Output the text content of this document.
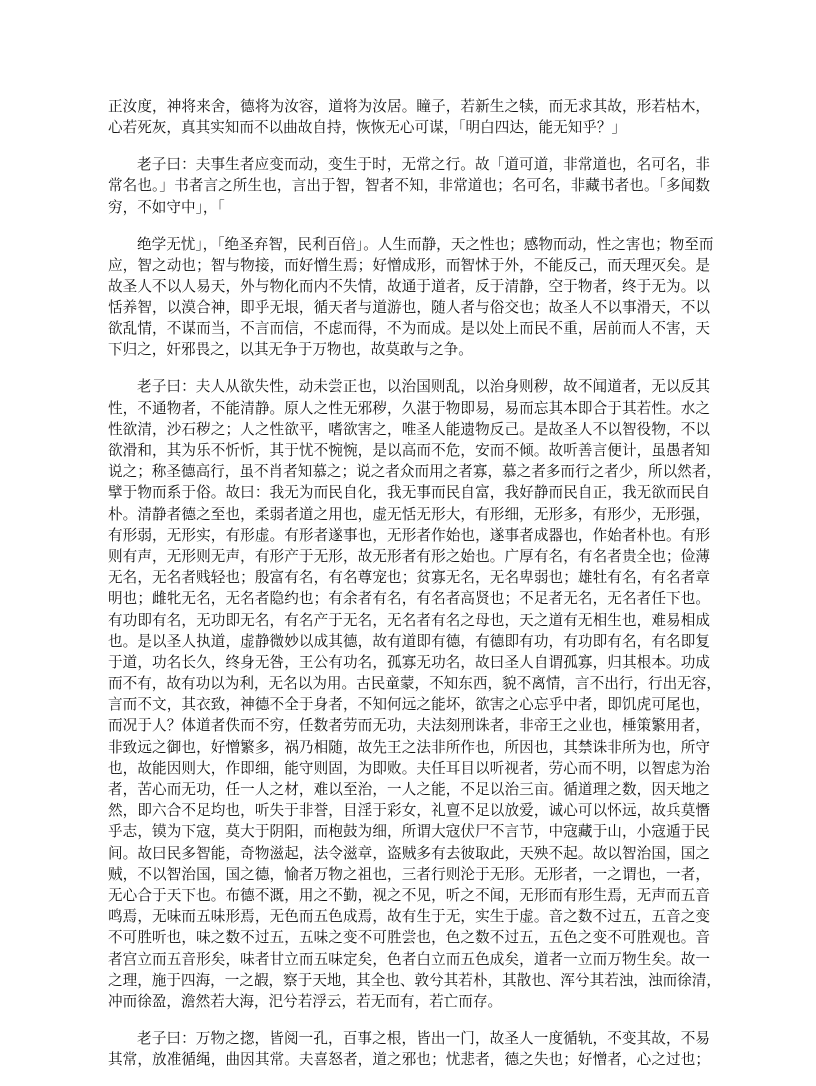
正汝度，神将来舍，德将为汝容，道将为汝居。瞳子，若新生之犊，而无求其故，形若枯木，
心若死灰，真其实知而不以曲故自持，恢恢无心可谋，「明白四达，能无知乎？」
老子曰：夫事生者应变而动，变生于时，无常之行。故「道可道，非常道也，名可名，非
常名也。」书者言之所生也，言出于智，智者不知，非常道也；名可名，非藏书者也。「多闻数
穷，不如守中」，「
绝学无忧」，「绝圣弃智，民利百倍」。人生而静，天之性也；感物而动，性之害也；物至而
应，智之动也；智与物接，而好憎生焉；好憎成形，而智怵于外，不能反己，而天理灭矣。是
故圣人不以人易天，外与物化而内不失情，故通于道者，反于清静，空于物者，终于无为。以
恬养智，以漠合神，即乎无垠，循天者与道游也，随人者与俗交也；故圣人不以事滑天，不以
欲乱情，不谋而当，不言而信，不虑而得，不为而成。是以处上而民不重，居前而人不害，天
下归之，奸邪畏之，以其无争于万物也，故莫敢与之争。
老子曰：夫人从欲失性，动未尝正也，以治国则乱，以治身则秽，故不闻道者，无以反其
性，不通物者，不能清静。原人之性无邪秽，久湛于物即易，易而忘其本即合于其若性。水之
性欲清，沙石秽之；人之性欲平，嗜欲害之，唯圣人能遗物反己。是故圣人不以智役物，不以
欲滑和，其为乐不忻忻，其于忧不惋惋，是以高而不危，安而不倾。故听善言便计，虽愚者知
说之；称圣德高行，虽不肖者知慕之；说之者众而用之者寡，慕之者多而行之者少，所以然者，
擘于物而系于俗。故曰：我无为而民自化，我无事而民自富，我好静而民自正，我无欲而民自
朴。清静者德之至也，柔弱者道之用也，虚无恬无形大，有形细，无形多，有形少，无形强，
有形弱，无形实，有形虚。有形者遂事也，无形者作始也，遂事者成器也，作始者朴也。有形
则有声，无形则无声，有形产于无形，故无形者有形之始也。广厚有名，有名者贵全也；俭薄
无名，无名者贱轻也；殷富有名，有名尊宠也；贫寡无名，无名卑弱也；雄牡有名，有名者章
明也；雌牝无名，无名者隐约也；有余者有名，有名者高贤也；不足者无名，无名者任下也。
有功即有名，无功即无名，有名产于无名，无名者有名之母也，天之道有无相生也，难易相成
也。是以圣人执道，虚静微妙以成其德，故有道即有德，有德即有功，有功即有名，有名即复
于道，功名长久，终身无咎，王公有功名，孤寡无功名，故曰圣人自谓孤寡，归其根本。功成
而不有，故有功以为利，无名以为用。古民童蒙，不知东西，貌不离情，言不出行，行出无容，
言而不文，其衣致，神德不全于身者，不知何远之能坏，欲害之心忘乎中者，即饥虎可尾也，
而况于人？体道者佚而不穷，任数者劳而无功，夫法刻刑诛者，非帝王之业也，棰策繁用者，
非致远之御也，好憎繁多，祸乃相随，故先王之法非所作也，所因也，其禁诛非所为也，所守
也，故能因则大，作即细，能守则固，为即败。夫任耳目以听视者，劳心而不明，以智虑为治
者，苦心而无功，任一人之材，难以至治，一人之能，不足以治三亩。循道理之数，因天地之
然，即六合不足均也，听失于非誉，目淫于彩女，礼亶不足以放爱，诚心可以怀远，故兵莫憯
乎志，镆为下寇，莫大于阴阳，而枹鼓为细，所谓大寇伏尸不言节，中寇藏于山，小寇遁于民
间。故曰民多智能，奇物滋起，法令滋章，盗贼多有去彼取此，天殃不起。故以智治国，国之
贼，不以智治国，国之德，愉者万物之祖也，三者行则沦于无形。无形者，一之谓也，一者，
无心合于天下也。布德不溉，用之不勤，视之不见，听之不闻，无形而有形生焉，无声而五音
鸣焉，无味而五味形焉，无色而五色成焉，故有生于无，实生于虚。音之数不过五，五音之变
不可胜听也，味之数不过五，五味之变不可胜尝也，色之数不过五，五色之变不可胜观也。音
者宫立而五音形矣，味者甘立而五味定矣，色者白立而五色成矣，道者一立而万物生矣。故一
之理，施于四海，一之嘏，察于天地，其全也、敦兮其若朴，其散也、浑兮其若浊，浊而徐清，
冲而徐盈，澹然若大海，汜兮若浮云，若无而有，若亡而存。
老子曰：万物之揔，皆阅一孔，百事之根，皆出一门，故圣人一度循轨，不变其故，不易
其常，放准循绳，曲因其常。夫喜怒者，道之邪也；忧悲者，德之失也；好憎者，心之过也；
